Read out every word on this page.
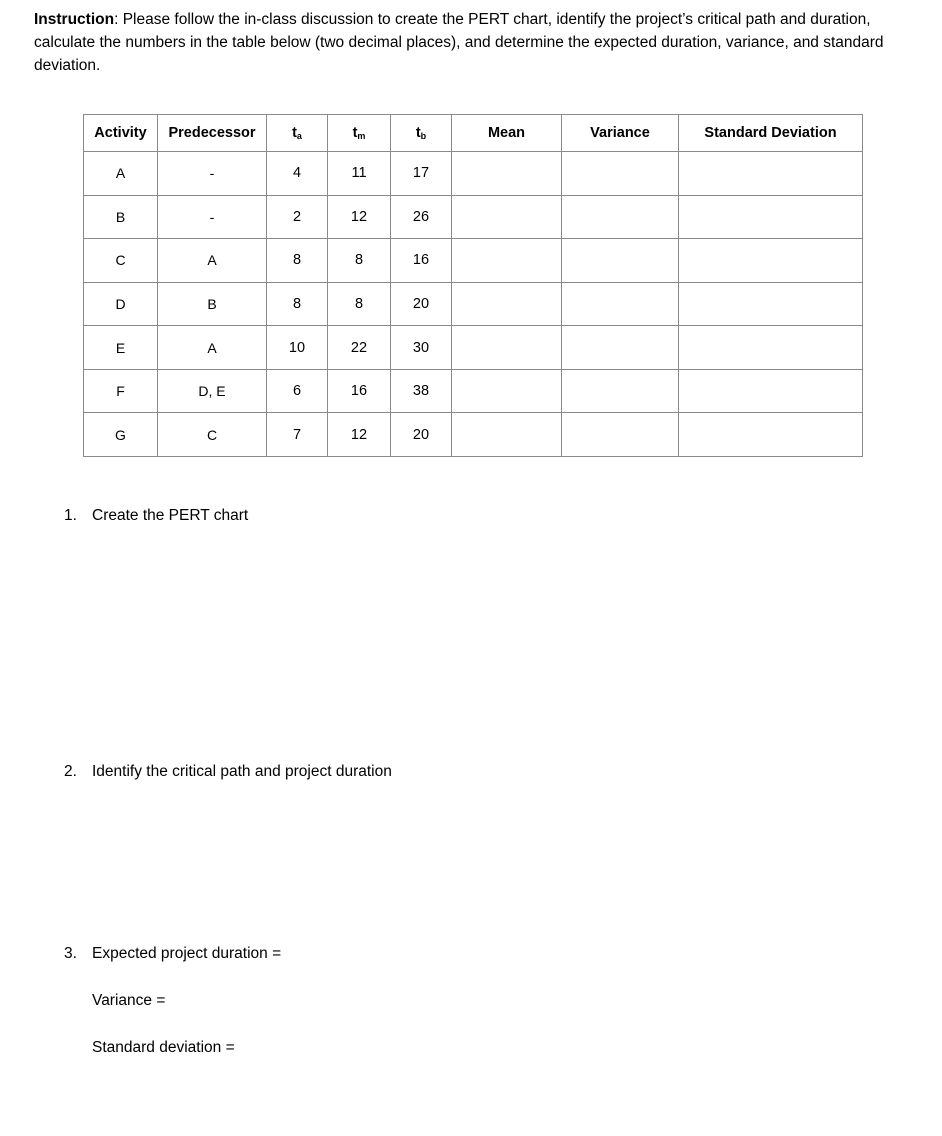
Instruction: Please follow the in-class discussion to create the PERT chart, identify the project’s critical path and duration, calculate the numbers in the table below (two decimal places), and determine the expected duration, variance, and standard deviation.
Activity	Predecessor	$t_a$	$t_m$	$t_b$	Mean	Variance	Standard Deviation
A	-	4	11	17			
B	-	2	12	26			
C	A	8	8	16			
D	B	8	8	20			
E	A	10	22	30			
F	D, E	6	16	38			
G	C	7	12	20			
1. Create the PERT chart
2. Identify the critical path and project duration
3. Expected project duration =
Variance =
Standard deviation =
